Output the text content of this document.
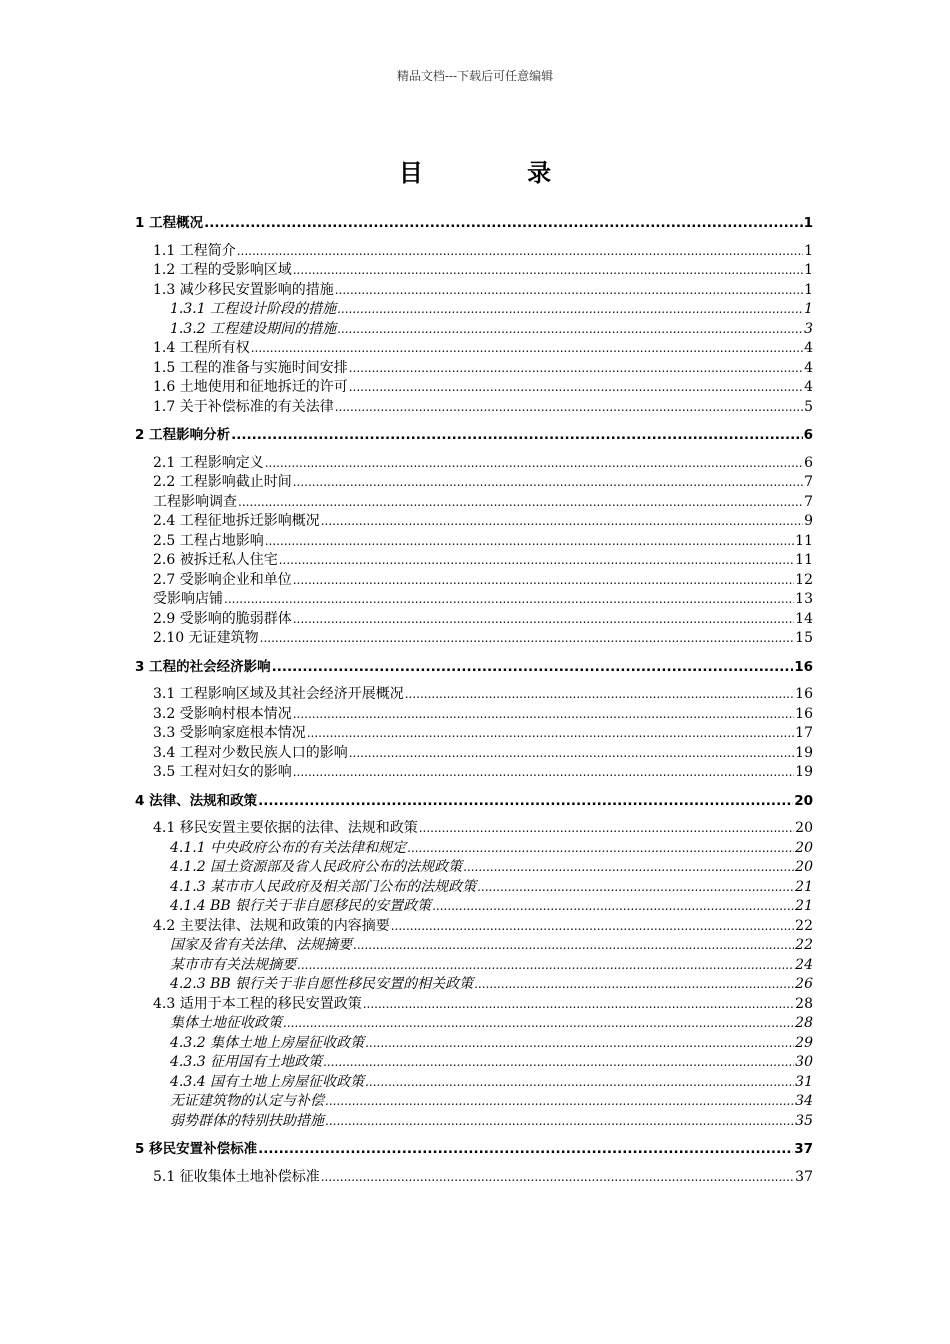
精品文档---下载后可任意编辑
目 录
1 工程概况 .....	1
1.1 工程简介 .....	1
1.2 工程的受影响区域 .....	1
1.3 减少移民安置影响的措施 .....	1
1.3.1 工程设计阶段的措施 .....	1
1.3.2 工程建设期间的措施 .....	3
1.4 工程所有权 .....	4
1.5 工程的准备与实施时间安排 .....	4
1.6 土地使用和征地拆迁的许可 .....	4
1.7 关于补偿标准的有关法律 .....	5
2 工程影响分析 .....	6
2.1 工程影响定义 .....	6
2.2 工程影响截止时间 .....	7
工程影响调查 .....	7
2.4 工程征地拆迁影响概况 .....	9
2.5 工程占地影响 .....	11
2.6 被拆迁私人住宅 .....	11
2.7 受影响企业和单位 .....	12
受影响店铺 .....	13
2.9 受影响的脆弱群体 .....	14
2.10 无证建筑物 .....	15
3 工程的社会经济影响 .....	16
3.1 工程影响区域及其社会经济开展概况 .....	16
3.2 受影响村根本情况 .....	16
3.3 受影响家庭根本情况 .....	17
3.4 工程对少数民族人口的影响 .....	19
3.5 工程对妇女的影响 .....	19
4 法律、法规和政策 .....	20
4.1 移民安置主要依据的法律、法规和政策 .....	20
4.1.1 中央政府公布的有关法律和规定 .....	20
4.1.2 国土资源部及省人民政府公布的法规政策 .....	20
4.1.3 某市市人民政府及相关部门公布的法规政策 .....	21
4.1.4 BB 银行关于非自愿移民的安置政策 .....	21
4.2 主要法律、法规和政策的内容摘要 .....	22
国家及省有关法律、法规摘要 .....	22
某市市有关法规摘要 .....	24
4.2.3 BB 银行关于非自愿性移民安置的相关政策 .....	26
4.3 适用于本工程的移民安置政策 .....	28
集体土地征收政策 .....	28
4.3.2 集体土地上房屋征收政策 .....	29
4.3.3 征用国有土地政策 .....	30
4.3.4 国有土地上房屋征收政策 .....	31
无证建筑物的认定与补偿 .....	34
弱势群体的特别扶助措施 .....	35
5 移民安置补偿标准 .....	37
5.1 征收集体土地补偿标准 .....	37
